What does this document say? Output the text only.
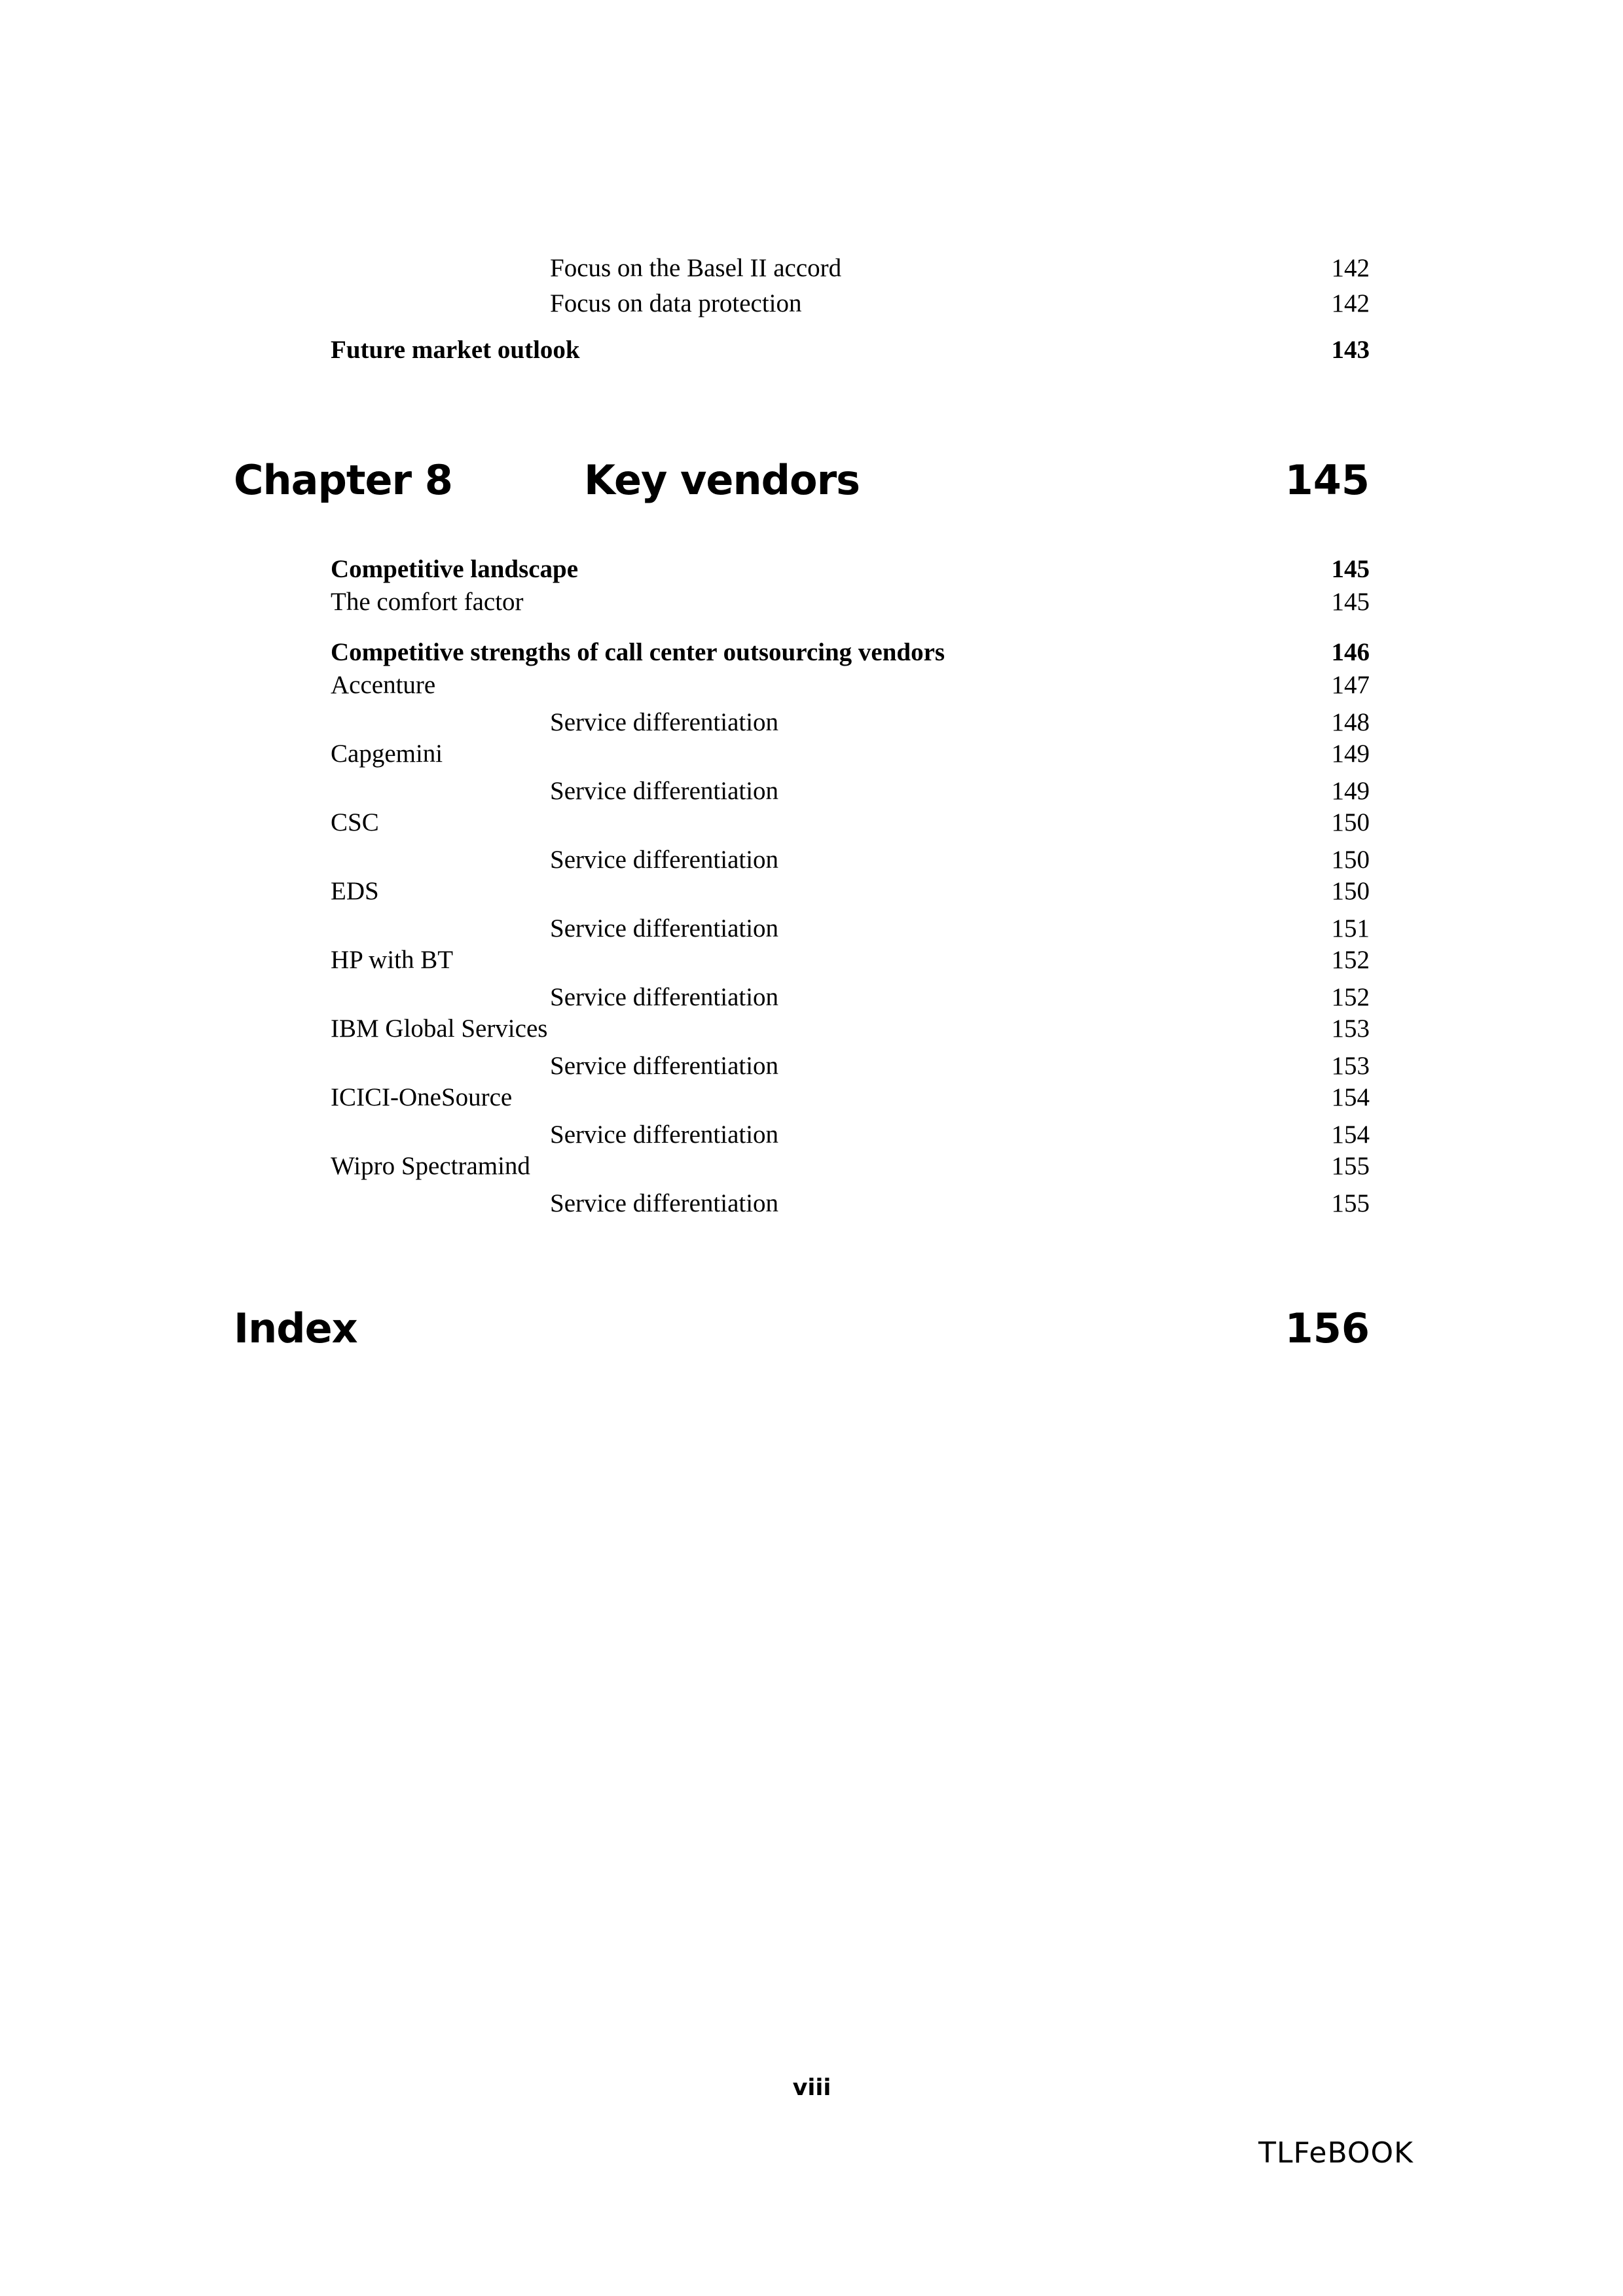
Focus on the Basel II accord	142
Focus on data protection	142
Future market outlook	143
Chapter 8	Key vendors	145
Competitive landscape	145
The comfort factor	145
Competitive strengths of call center outsourcing vendors	146
Accenture	147
Service differentiation	148
Capgemini	149
Service differentiation	149
CSC	150
Service differentiation	150
EDS	150
Service differentiation	151
HP with BT	152
Service differentiation	152
IBM Global Services	153
Service differentiation	153
ICICI-OneSource	154
Service differentiation	154
Wipro Spectramind	155
Service differentiation	155
Index	156
viii
TLFeBOOK
